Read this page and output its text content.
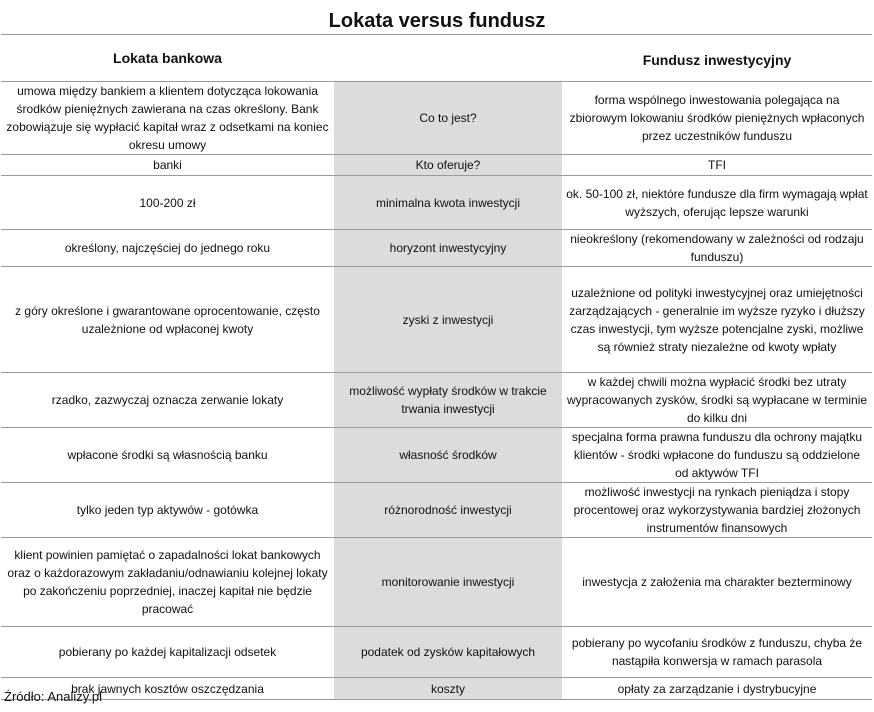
Lokata versus fundusz
Lokata bankowa		Fundusz inwestycyjny
umowa między bankiem a klientem dotycząca lokowania środków pieniężnych zawierana na czas określony. Bank zobowiązuje się wypłacić kapitał wraz z odsetkami na koniec okresu umowy	Co to jest?	forma wspólnego inwestowania polegająca na zbiorowym lokowaniu środków pieniężnych wpłaconych przez uczestników funduszu
banki	Kto oferuje?	TFI
100-200 zł	minimalna kwota inwestycji	ok. 50-100 zł, niektóre fundusze dla firm wymagają wpłat wyższych, oferując lepsze warunki
określony, najczęściej do jednego roku	horyzont inwestycyjny	nieokreślony (rekomendowany w zależności od rodzaju funduszu)
z góry określone i gwarantowane oprocentowanie, często uzależnione od wpłaconej kwoty	zyski z inwestycji	uzależnione od polityki inwestycyjnej oraz umiejętności zarządzających - generalnie im wyższe ryzyko i dłuższy czas inwestycji, tym wyższe potencjalne zyski, możliwe są również straty niezależne od kwoty wpłaty
rzadko, zazwyczaj oznacza zerwanie lokaty	możliwość wypłaty środków w trakcie trwania inwestycji	w każdej chwili można wypłacić środki bez utraty wypracowanych zysków, środki są wypłacane w terminie do kilku dni
wpłacone środki są własnością banku	własność środków	specjalna forma prawna funduszu dla ochrony majątku klientów - środki wpłacone do funduszu są oddzielone od aktywów TFI
tylko jeden typ aktywów - gotówka	różnorodność inwestycji	możliwość inwestycji na rynkach pieniądza i stopy procentowej oraz wykorzystywania bardziej złożonych instrumentów finansowych
klient powinien pamiętać o zapadalności lokat bankowych oraz o każdorazowym zakładaniu/odnawianiu kolejnej lokaty po zakończeniu poprzedniej, inaczej kapitał nie będzie pracować	monitorowanie inwestycji	inwestycja z założenia ma charakter bezterminowy
pobierany po każdej kapitalizacji odsetek	podatek od zysków kapitałowych	pobierany po wycofaniu środków z funduszu, chyba że nastąpiła konwersja w ramach parasola
brak jawnych kosztów oszczędzania	koszty	opłaty za zarządzanie i dystrybucyjne
Źródło: Analizy.pl
